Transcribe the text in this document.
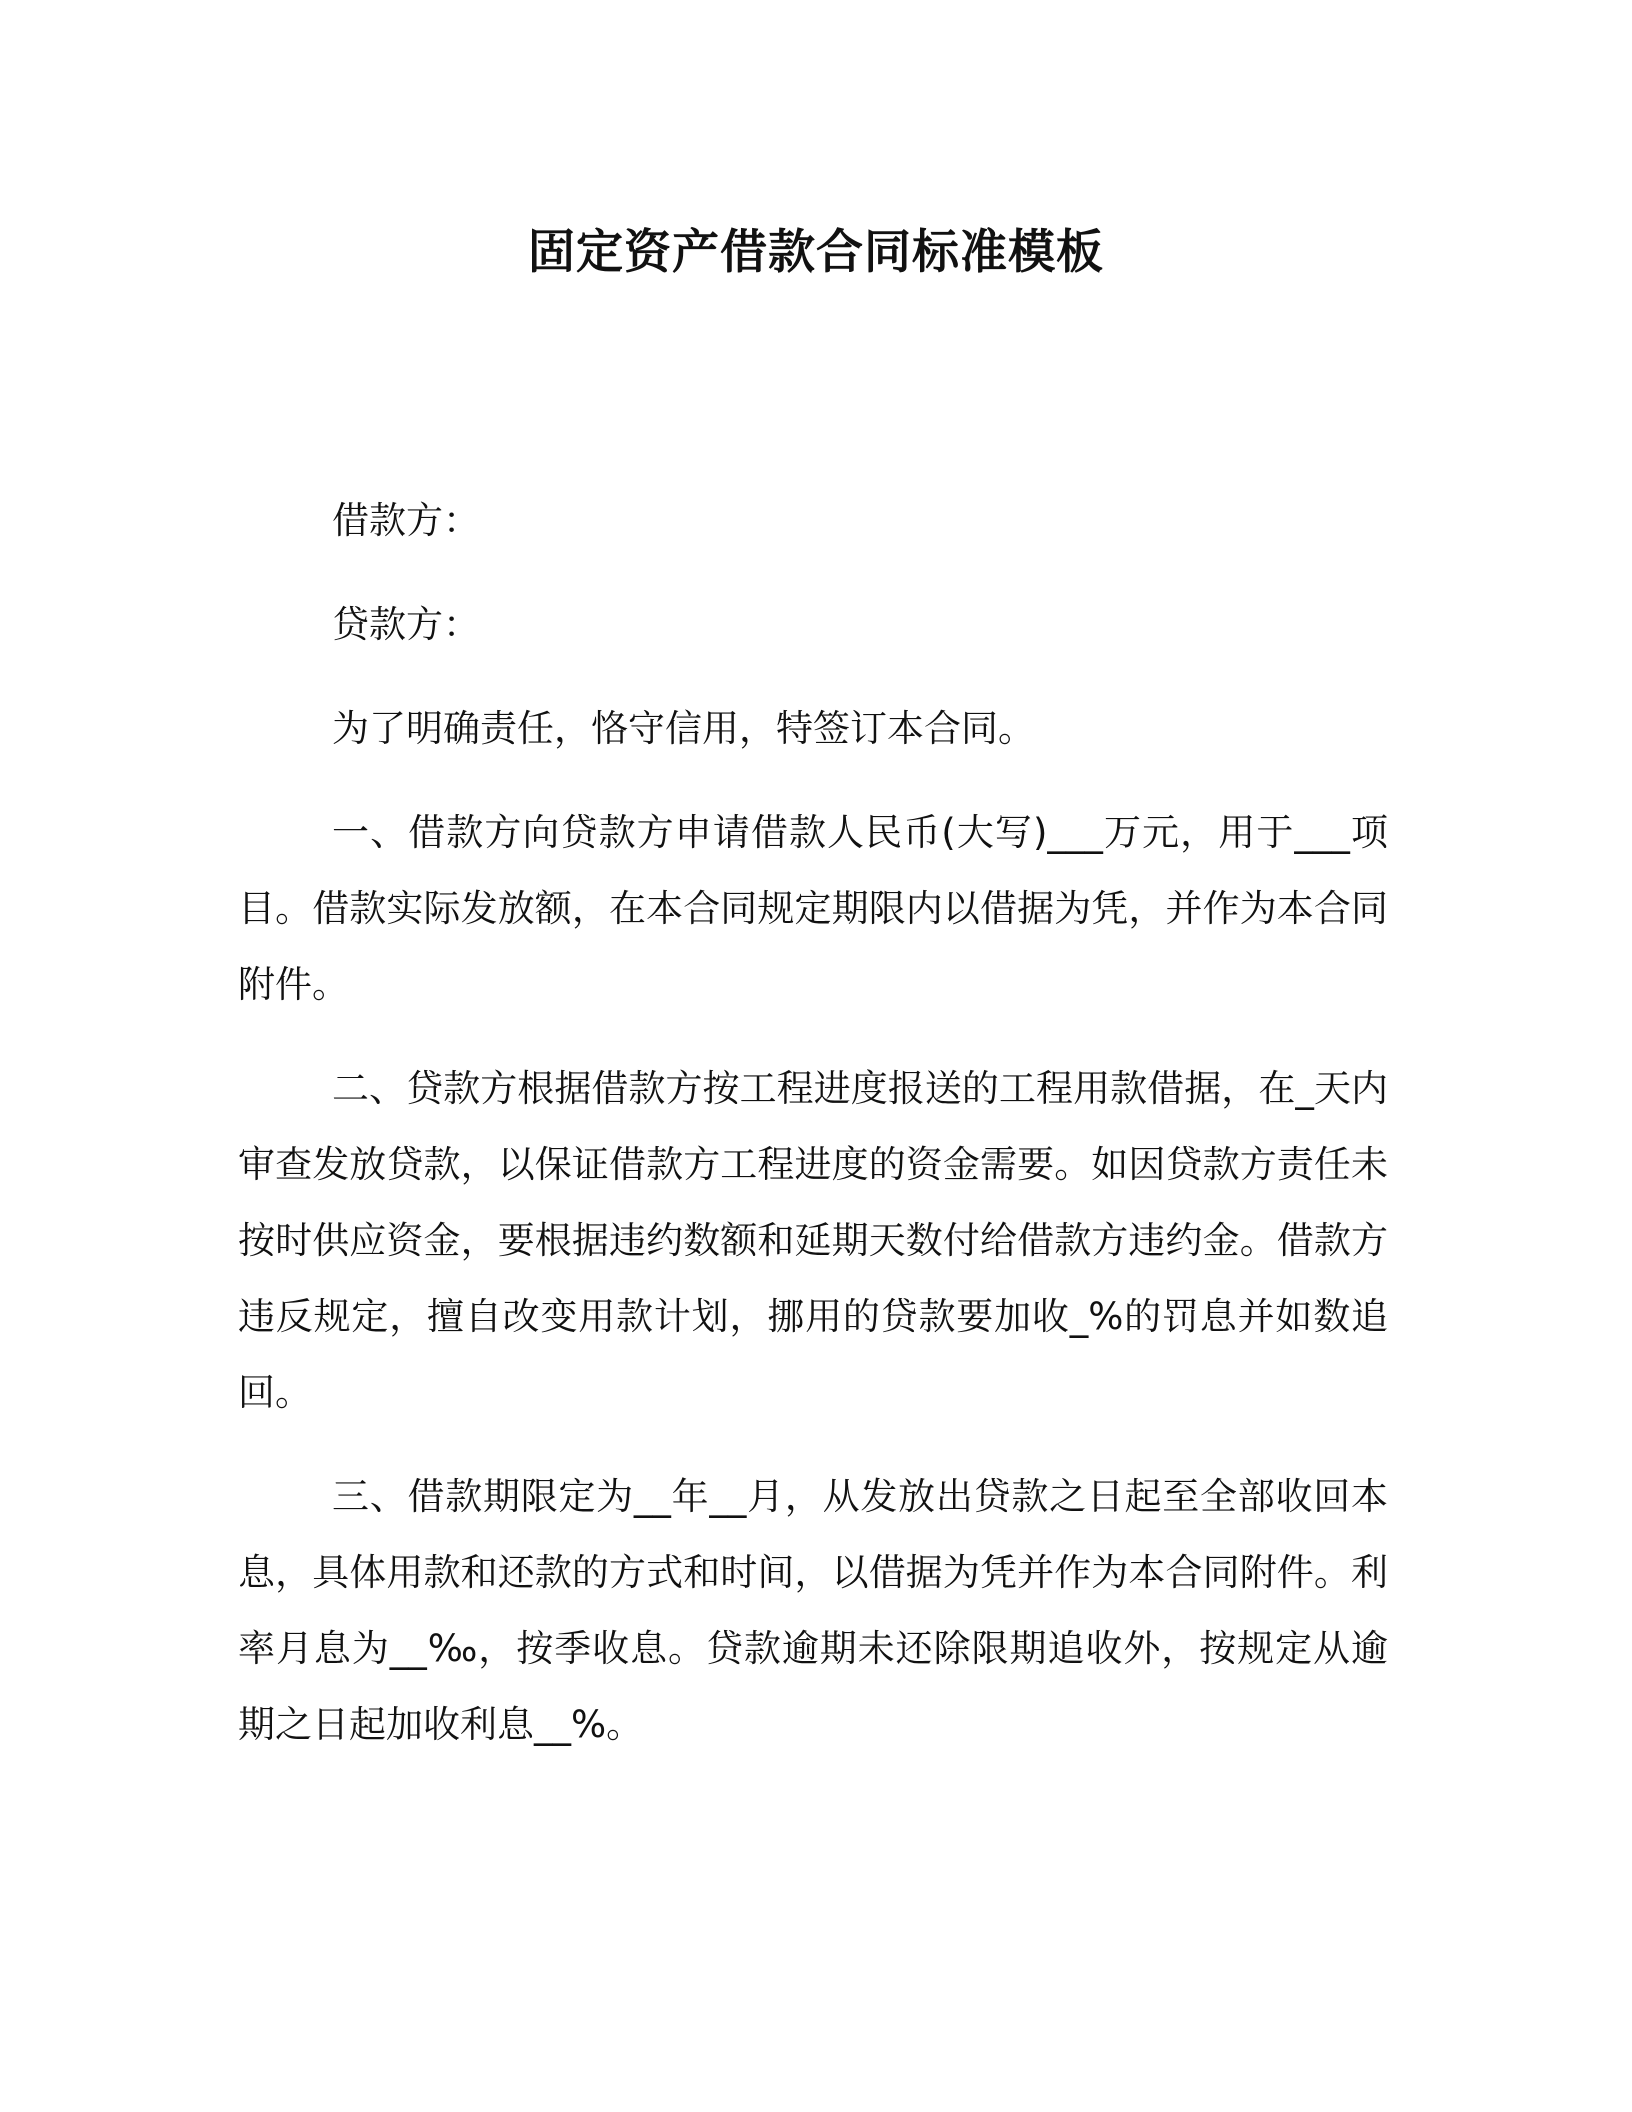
固定资产借款合同标准模板

借款方：

贷款方：

为了明确责任，恪守信用，特签订本合同。

一、借款方向贷款方申请借款人民币(大写)___万元，用于___项目。借款实际发放额，在本合同规定期限内以借据为凭，并作为本合同附件。

二、贷款方根据借款方按工程进度报送的工程用款借据，在_天内审查发放贷款，以保证借款方工程进度的资金需要。如因贷款方责任未按时供应资金，要根据违约数额和延期天数付给借款方违约金。借款方违反规定，擅自改变用款计划，挪用的贷款要加收_%的罚息并如数追回。

三、借款期限定为__年__月，从发放出贷款之日起至全部收回本息，具体用款和还款的方式和时间，以借据为凭并作为本合同附件。利率月息为__‰，按季收息。贷款逾期未还除限期追收外，按规定从逾期之日起加收利息__%。
